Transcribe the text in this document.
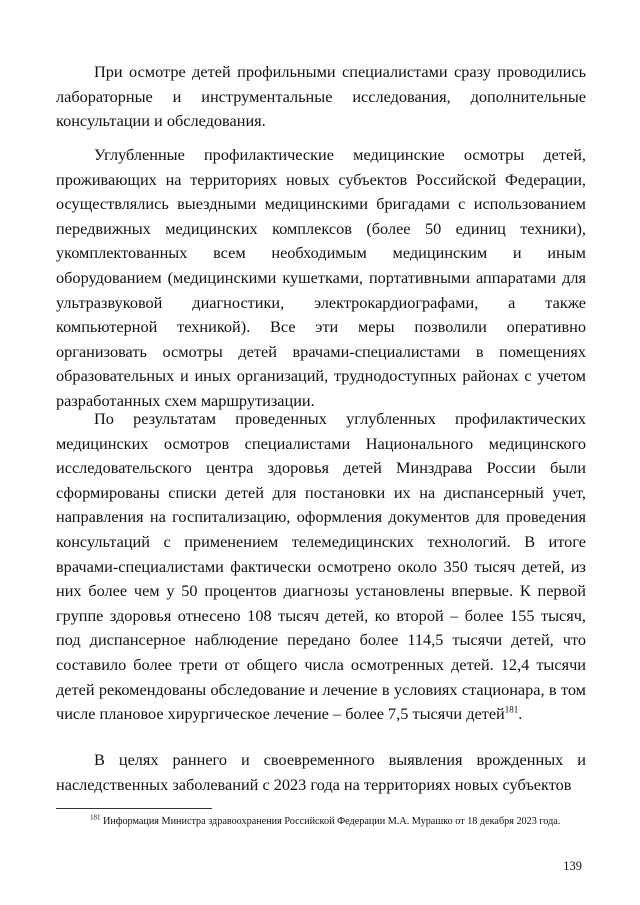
При осмотре детей профильными специалистами сразу проводились лабораторные и инструментальные исследования, дополнительные консультации и обследования.

Углубленные профилактические медицинские осмотры детей, проживающих на территориях новых субъектов Российской Федерации, осуществлялись выездными медицинскими бригадами с использованием передвижных медицинских комплексов (более 50 единиц техники), укомплектованных всем необходимым медицинским и иным оборудованием (медицинскими кушетками, портативными аппаратами для ультразвуковой диагностики, электрокардиографами, а также компьютерной техникой). Все эти меры позволили оперативно организовать осмотры детей врачами-специалистами в помещениях образовательных и иных организаций, труднодоступных районах с учетом разработанных схем маршрутизации.

По результатам проведенных углубленных профилактических медицинских осмотров специалистами Национального медицинского исследовательского центра здоровья детей Минздрава России были сформированы списки детей для постановки их на диспансерный учет, направления на госпитализацию, оформления документов для проведения консультаций с применением телемедицинских технологий. В итоге врачами-специалистами фактически осмотрено около 350 тысяч детей, из них более чем у 50 процентов диагнозы установлены впервые. К первой группе здоровья отнесено 108 тысяч детей, ко второй – более 155 тысяч, под диспансерное наблюдение передано более 114,5 тысячи детей, что составило более трети от общего числа осмотренных детей. 12,4 тысячи детей рекомендованы обследование и лечение в условиях стационара, в том числе плановое хирургическое лечение – более 7,5 тысячи детей$^{181}$.

В целях раннего и своевременного выявления врожденных и наследственных заболеваний с 2023 года на территориях новых субъектов

$^{181}$ Информация Министра здравоохранения Российской Федерации М.А. Мурашко от 18 декабря 2023 года.

139
